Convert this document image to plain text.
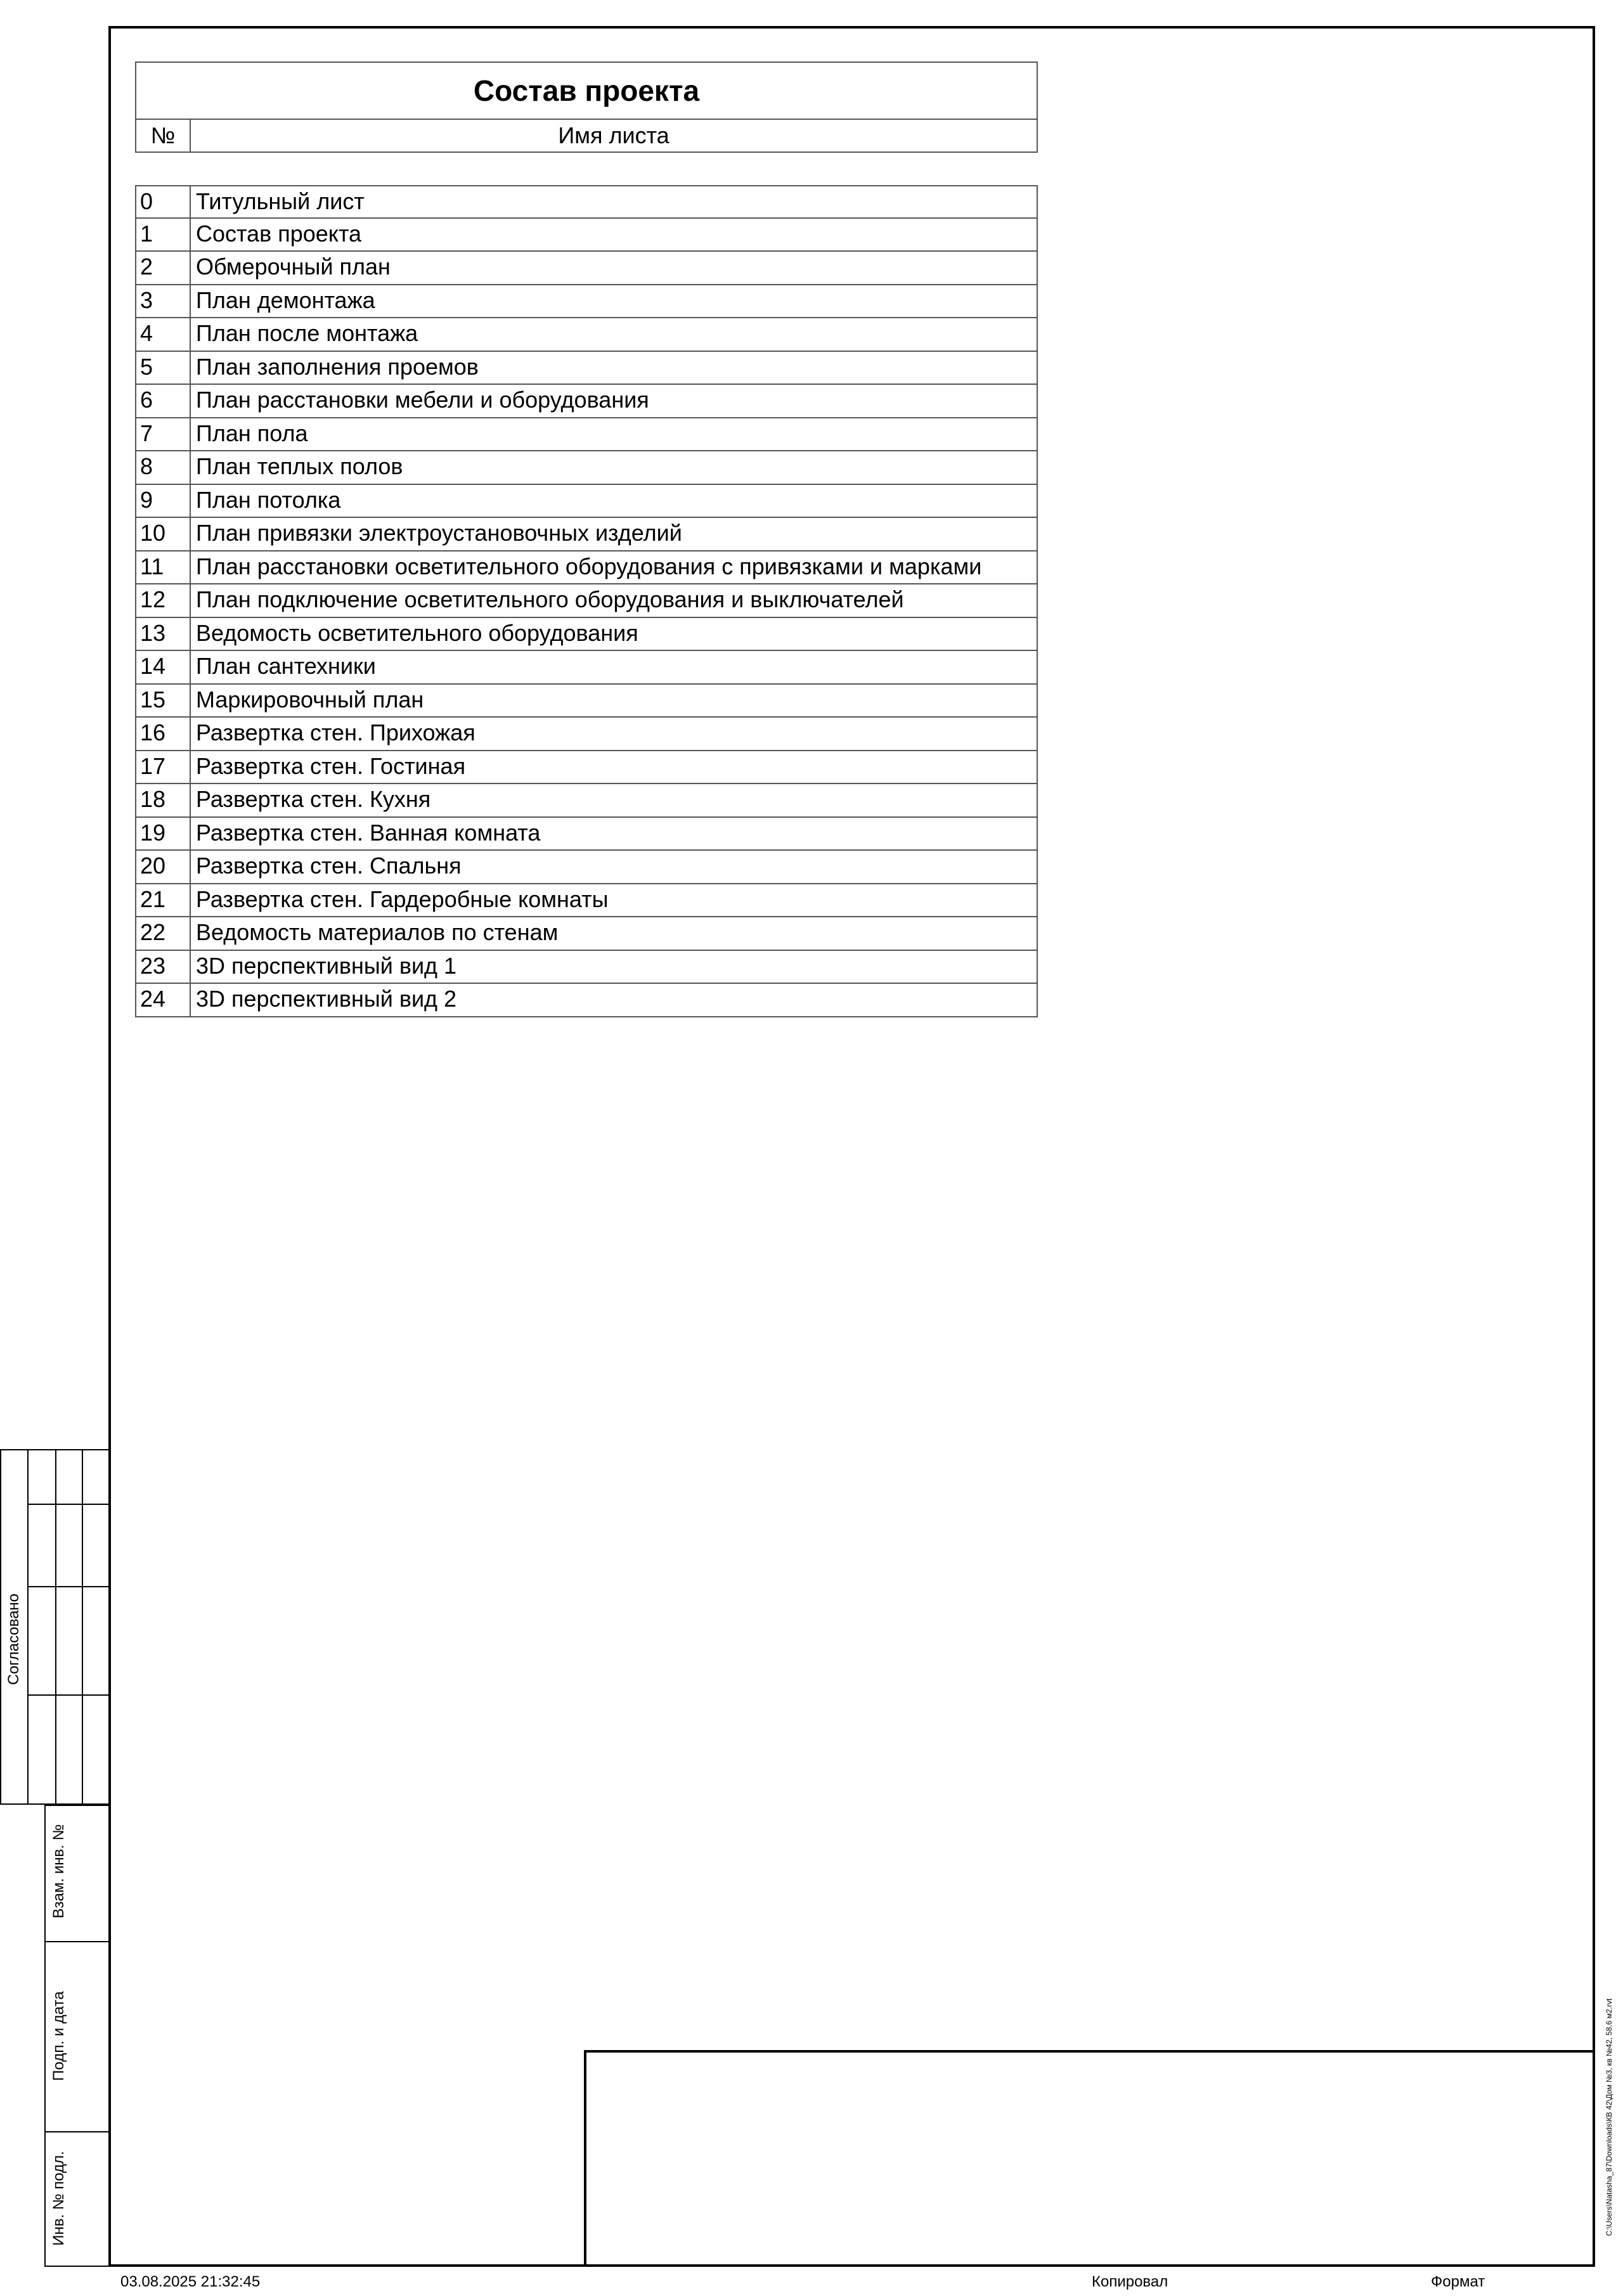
Состав проекта
№	Имя листа
0	Титульный лист
1	Состав проекта
2	Обмерочный план
3	План демонтажа
4	План после монтажа
5	План заполнения проемов
6	План расстановки мебели и оборудования
7	План пола
8	План теплых полов
9	План потолка
10	План привязки электроустановочных изделий
11	План расстановки осветительного оборудования с привязками и марками
12	План подключение осветительного оборудования и выключателей
13	Ведомость осветительного оборудования
14	План сантехники
15	Маркировочный план
16	Развертка стен. Прихожая
17	Развертка стен. Гостиная
18	Развертка стен. Кухня
19	Развертка стен. Ванная комната
20	Развертка стен. Спальня
21	Развертка стен. Гардеробные комнаты
22	Ведомость материалов по стенам
23	3D перспективный вид 1
24	3D перспективный вид 2
Согласовано
Взам. инв. №
Подп. и дата
Инв. № подл.
03.08.2025 21:32:45	Копировал	Формат
C:\Users\Natasha_87\Downloads\КВ 42\Дом №3, кв №42, 58,6 м2.rvt
